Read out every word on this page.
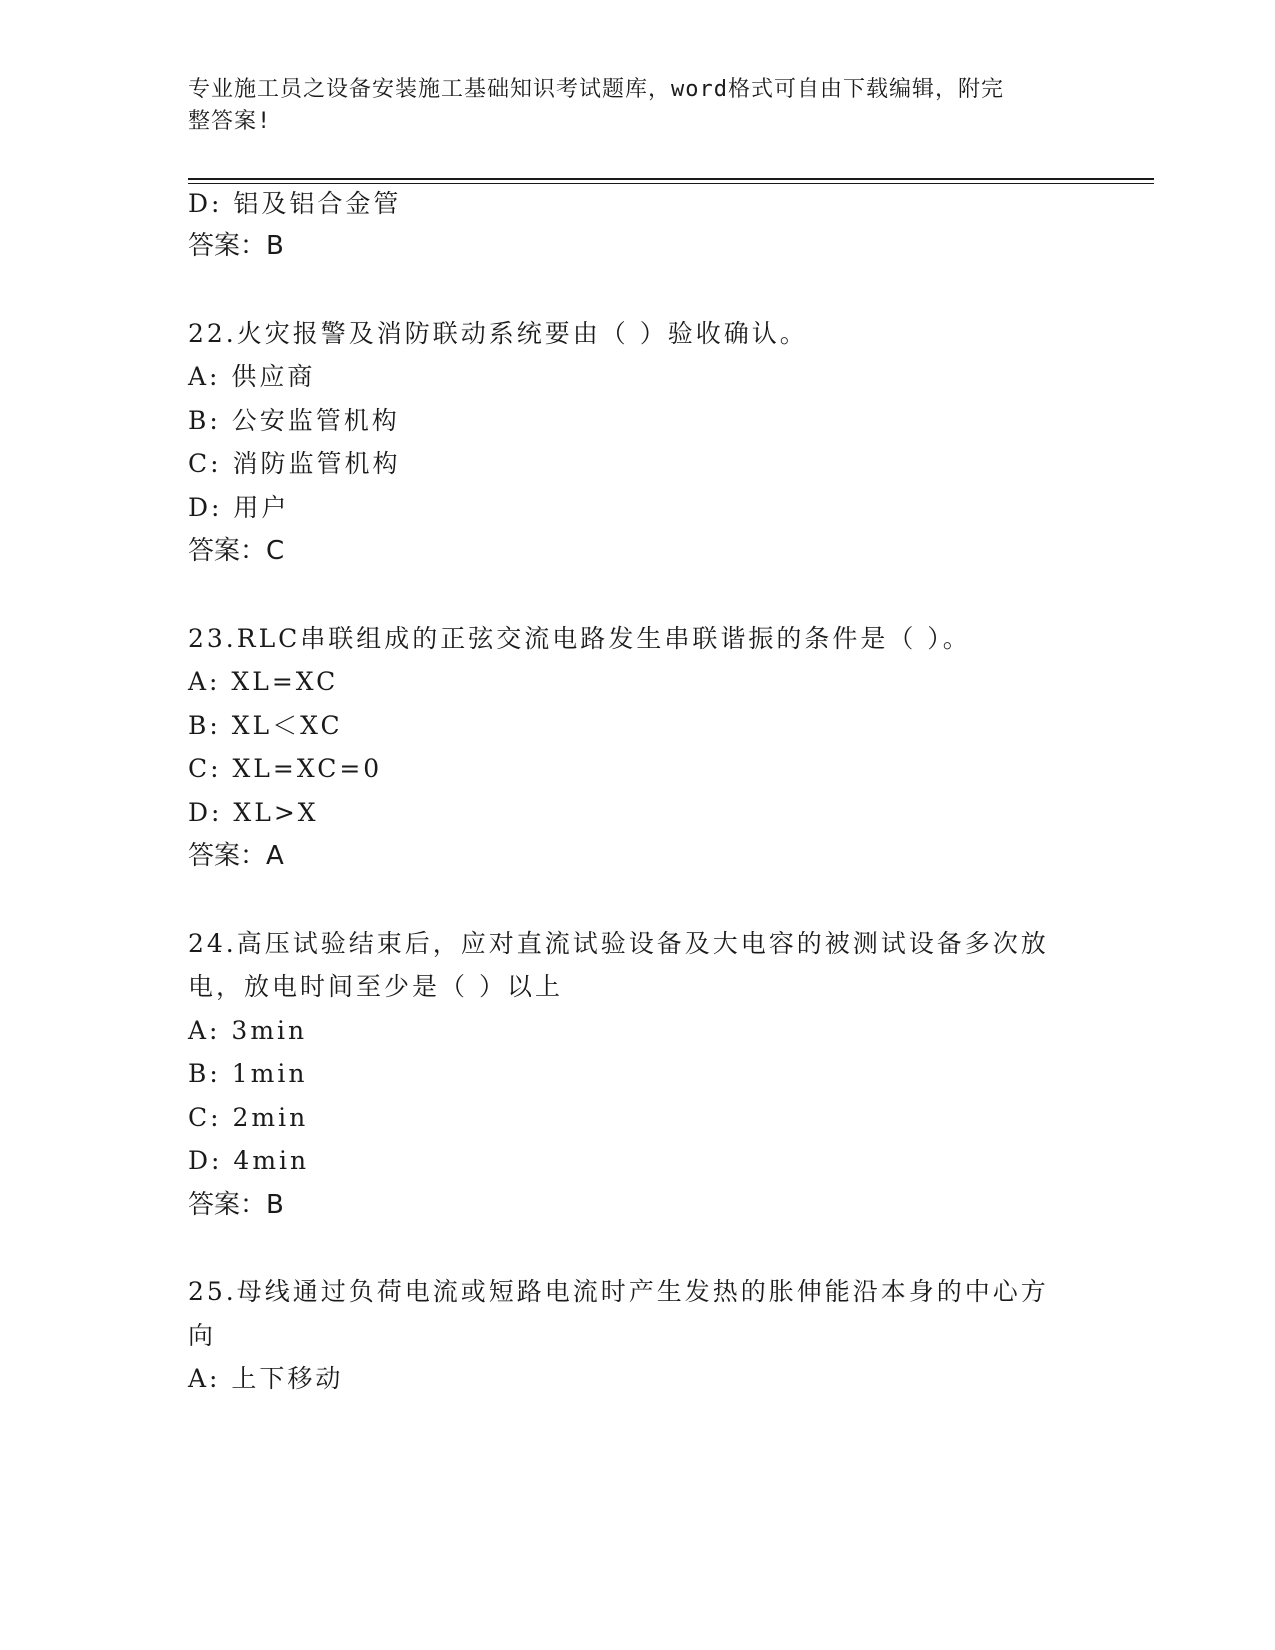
专业施工员之设备安装施工基础知识考试题库，word格式可自由下载编辑，附完
整答案!
D: 铝及铝合金管
答案：B
22.火灾报警及消防联动系统要由（ ）验收确认。
A: 供应商
B: 公安监管机构
C: 消防监管机构
D: 用户
答案：C
23.RLC串联组成的正弦交流电路发生串联谐振的条件是（ ）。
A: XL=XC
B: XL＜XC
C: XL=XC=0
D: XL>X
答案：A
24.高压试验结束后，应对直流试验设备及大电容的被测试设备多次放
电，放电时间至少是（ ）以上
A: 3min
B: 1min
C: 2min
D: 4min
答案：B
25.母线通过负荷电流或短路电流时产生发热的胀伸能沿本身的中心方
向
A: 上下移动
